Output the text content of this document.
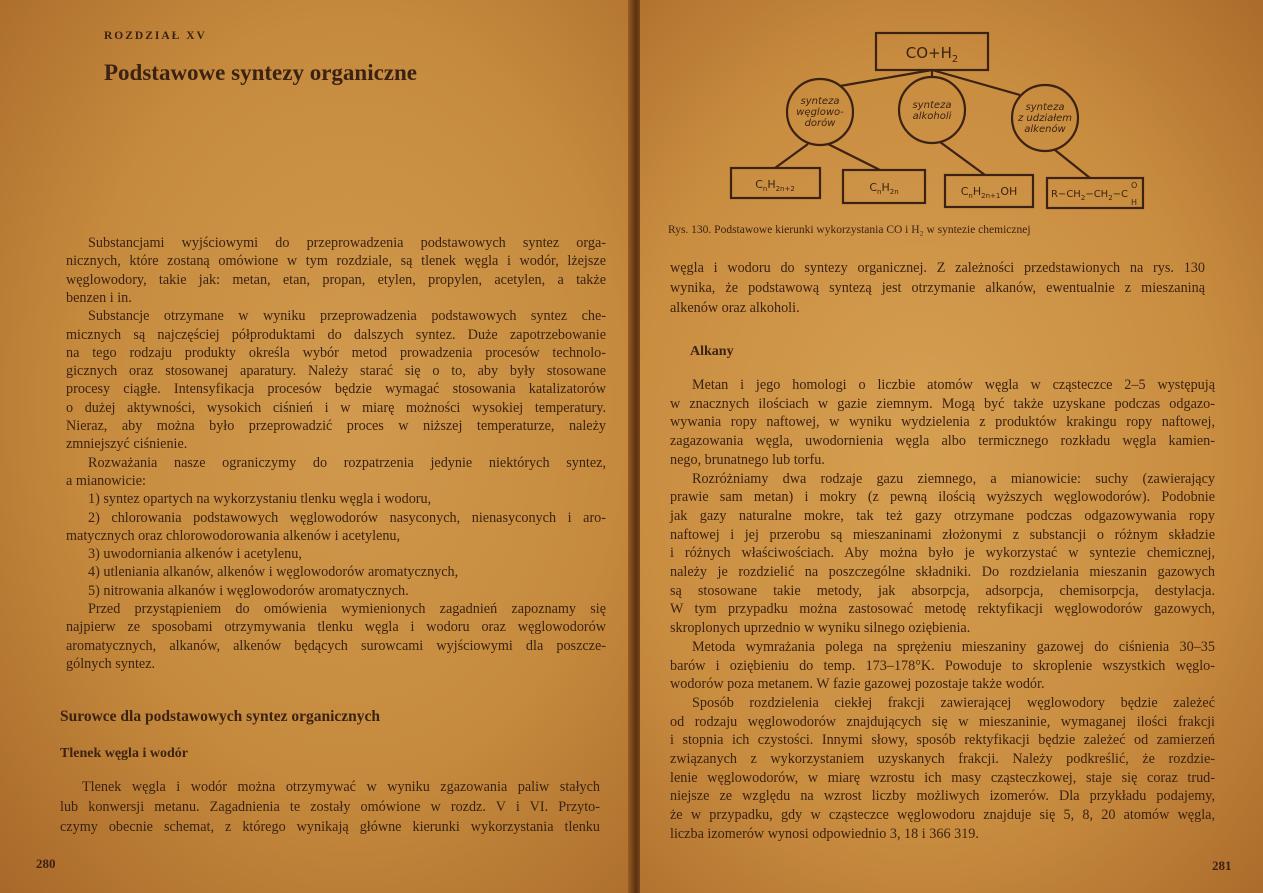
ROZDZIAŁ XV
Podstawowe syntezy organiczne
Substancjami wyjściowymi do przeprowadzenia podstawowych syntez orga-
nicznych, które zostaną omówione w tym rozdziale, są tlenek węgla i wodór, lżejsze
węglowodory, takie jak: metan, etan, propan, etylen, propylen, acetylen, a także
benzen i in.
Substancje otrzymane w wyniku przeprowadzenia podstawowych syntez che-
micznych są najczęściej półproduktami do dalszych syntez. Duże zapotrzebowanie
na tego rodzaju produkty określa wybór metod prowadzenia procesów technolo-
gicznych oraz stosowanej aparatury. Należy starać się o to, aby były stosowane
procesy ciągłe. Intensyfikacja procesów będzie wymagać stosowania katalizatorów
o dużej aktywności, wysokich ciśnień i w miarę możności wysokiej temperatury.
Nieraz, aby można było przeprowadzić proces w niższej temperaturze, należy
zmniejszyć ciśnienie.
Rozważania nasze ograniczymy do rozpatrzenia jedynie niektórych syntez,
a mianowicie:
1) syntez opartych na wykorzystaniu tlenku węgla i wodoru,
2) chlorowania podstawowych węglowodorów nasyconych, nienasyconych i aro-
matycznych oraz chlorowodorowania alkenów i acetylenu,
3) uwodorniania alkenów i acetylenu,
4) utleniania alkanów, alkenów i węglowodorów aromatycznych,
5) nitrowania alkanów i węglowodorów aromatycznych.
Przed przystąpieniem do omówienia wymienionych zagadnień zapoznamy się
najpierw ze sposobami otrzymywania tlenku węgla i wodoru oraz węglowodorów
aromatycznych, alkanów, alkenów będących surowcami wyjściowymi dla poszcze-
gólnych syntez.
Surowce dla podstawowych syntez organicznych
Tlenek węgla i wodór
Tlenek węgla i wodór można otrzymywać w wyniku zgazowania paliw stałych
lub konwersji metanu. Zagadnienia te zostały omówione w rozdz. V i VI. Przyto-
czymy obecnie schemat, z którego wynikają główne kierunki wykorzystania tlenku
280
$CO+H_2$
synteza
węglowo-
dorów
synteza
alkoholi
synteza
z udziałem
alkenów
$C_nH_{2n+2}$	$C_nH_{2n}$	$C_nH_{2n+1}OH$	$R-CH_2-CH_2-C$
O
H
węgla i wodoru do syntezy organicznej. Z zależności przedstawionych na rys. 130
wynika, że podstawową syntezą jest otrzymanie alkanów, ewentualnie z mieszaniną
alkenów oraz alkoholi.
Alkany
Metan i jego homologi o liczbie atomów węgla w cząsteczce 2–5 występują
w znacznych ilościach w gazie ziemnym. Mogą być także uzyskane podczas odgazo-
wywania ropy naftowej, w wyniku wydzielenia z produktów krakingu ropy naftowej,
zagazowania węgla, uwodornienia węgla albo termicznego rozkładu węgla kamien-
nego, brunatnego lub torfu.
Rozróżniamy dwa rodzaje gazu ziemnego, a mianowicie: suchy (zawierający
prawie sam metan) i mokry (z pewną ilością wyższych węglowodorów). Podobnie
jak gazy naturalne mokre, tak też gazy otrzymane podczas odgazowywania ropy
naftowej i jej przerobu są mieszaninami złożonymi z substancji o różnym składzie
i różnych właściwościach. Aby można było je wykorzystać w syntezie chemicznej,
należy je rozdzielić na poszczególne składniki. Do rozdzielania mieszanin gazowych
są stosowane takie metody, jak absorpcja, adsorpcja, chemisorpcja, destylacja.
W tym przypadku można zastosować metodę rektyfikacji węglowodorów gazowych,
skroplonych uprzednio w wyniku silnego oziębienia.
Metoda wymrażania polega na sprężeniu mieszaniny gazowej do ciśnienia 30–35
barów i oziębieniu do temp. 173–178°K. Powoduje to skroplenie wszystkich węglo-
wodorów poza metanem. W fazie gazowej pozostaje także wodór.
Sposób rozdzielenia ciekłej frakcji zawierającej węglowodory będzie zależeć
od rodzaju węglowodorów znajdujących się w mieszaninie, wymaganej ilości frakcji
i stopnia ich czystości. Innymi słowy, sposób rektyfikacji będzie zależeć od zamierzeń
związanych z wykorzystaniem uzyskanych frakcji. Należy podkreślić, że rozdzie-
lenie węglowodorów, w miarę wzrostu ich masy cząsteczkowej, staje się coraz trud-
niejsze ze względu na wzrost liczby możliwych izomerów. Dla przykładu podajemy,
że w przypadku, gdy w cząsteczce węglowodoru znajduje się 5, 8, 20 atomów węgla,
liczba izomerów wynosi odpowiednio 3, 18 i 366 319.
281
Rys. 130. Podstawowe kierunki wykorzystania CO i H₂ w syntezie chemicznej
